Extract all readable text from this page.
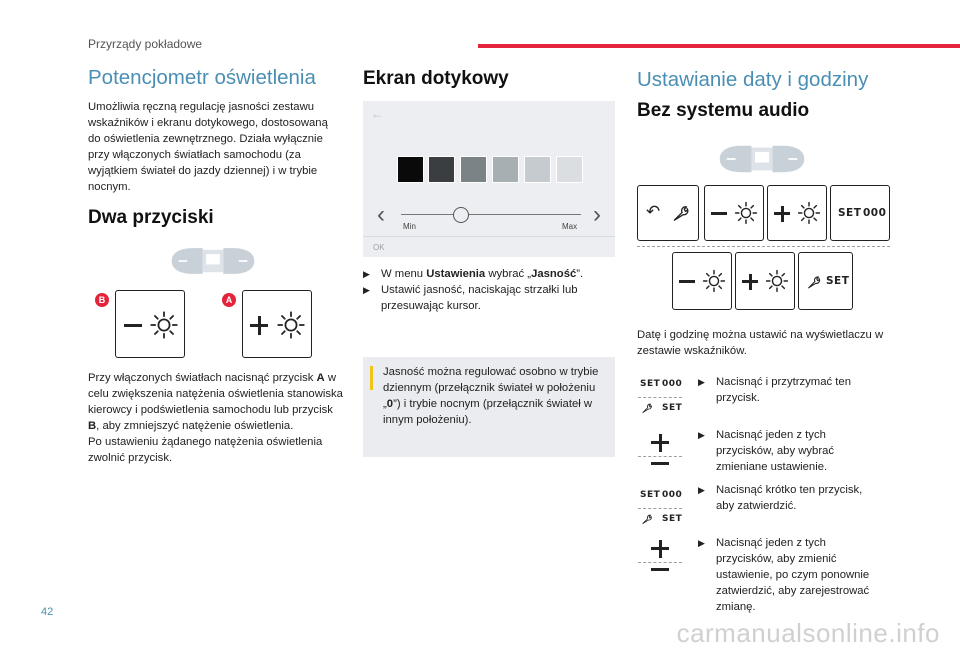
Przyrządy pokładowe
Potencjometr oświetlenia
Umożliwia ręczną regulację jasności zestawu wskaźników i ekranu dotykowego, dostosowaną do oświetlenia zewnętrznego. Działa wyłącznie przy włączonych światłach samochodu (za wyjątkiem świateł do jazdy dziennej) i w trybie nocnym.
Dwa przyciski
B	A
Przy włączonych światłach nacisnąć przycisk A w celu zwiększenia natężenia oświetlenia stanowiska kierowcy i podświetlenia samochodu lub przycisk B, aby zmniejszyć natężenie oświetlenia.
Po ustawieniu żądanego natężenia oświetlenia zwolnić przycisk.
Ekran dotykowy
←
‹	›
Min	Max
OK
▶ W menu Ustawienia wybrać „Jasność”.
▶ Ustawić jasność, naciskając strzałki lub przesuwając kursor.
Jasność można regulować osobno w trybie dziennym (przełącznik świateł w położeniu „0”) i trybie nocnym (przełącznik świateł w innym położeniu).
Ustawianie daty i godziny
Bez systemu audio
↶	SET 000
SET
Datę i godzinę można ustawić na wyświetlaczu w zestawie wskaźników.
SET 000
SET
SET 000
SET
▶ Nacisnąć i przytrzymać ten przycisk.
▶ Nacisnąć jeden z tych przycisków, aby wybrać zmieniane ustawienie.
▶ Nacisnąć krótko ten przycisk, aby zatwierdzić.
▶ Nacisnąć jeden z tych przycisków, aby zmienić ustawienie, po czym ponownie zatwierdzić, aby zarejestrować zmianę.
42
carmanualsonline.info
